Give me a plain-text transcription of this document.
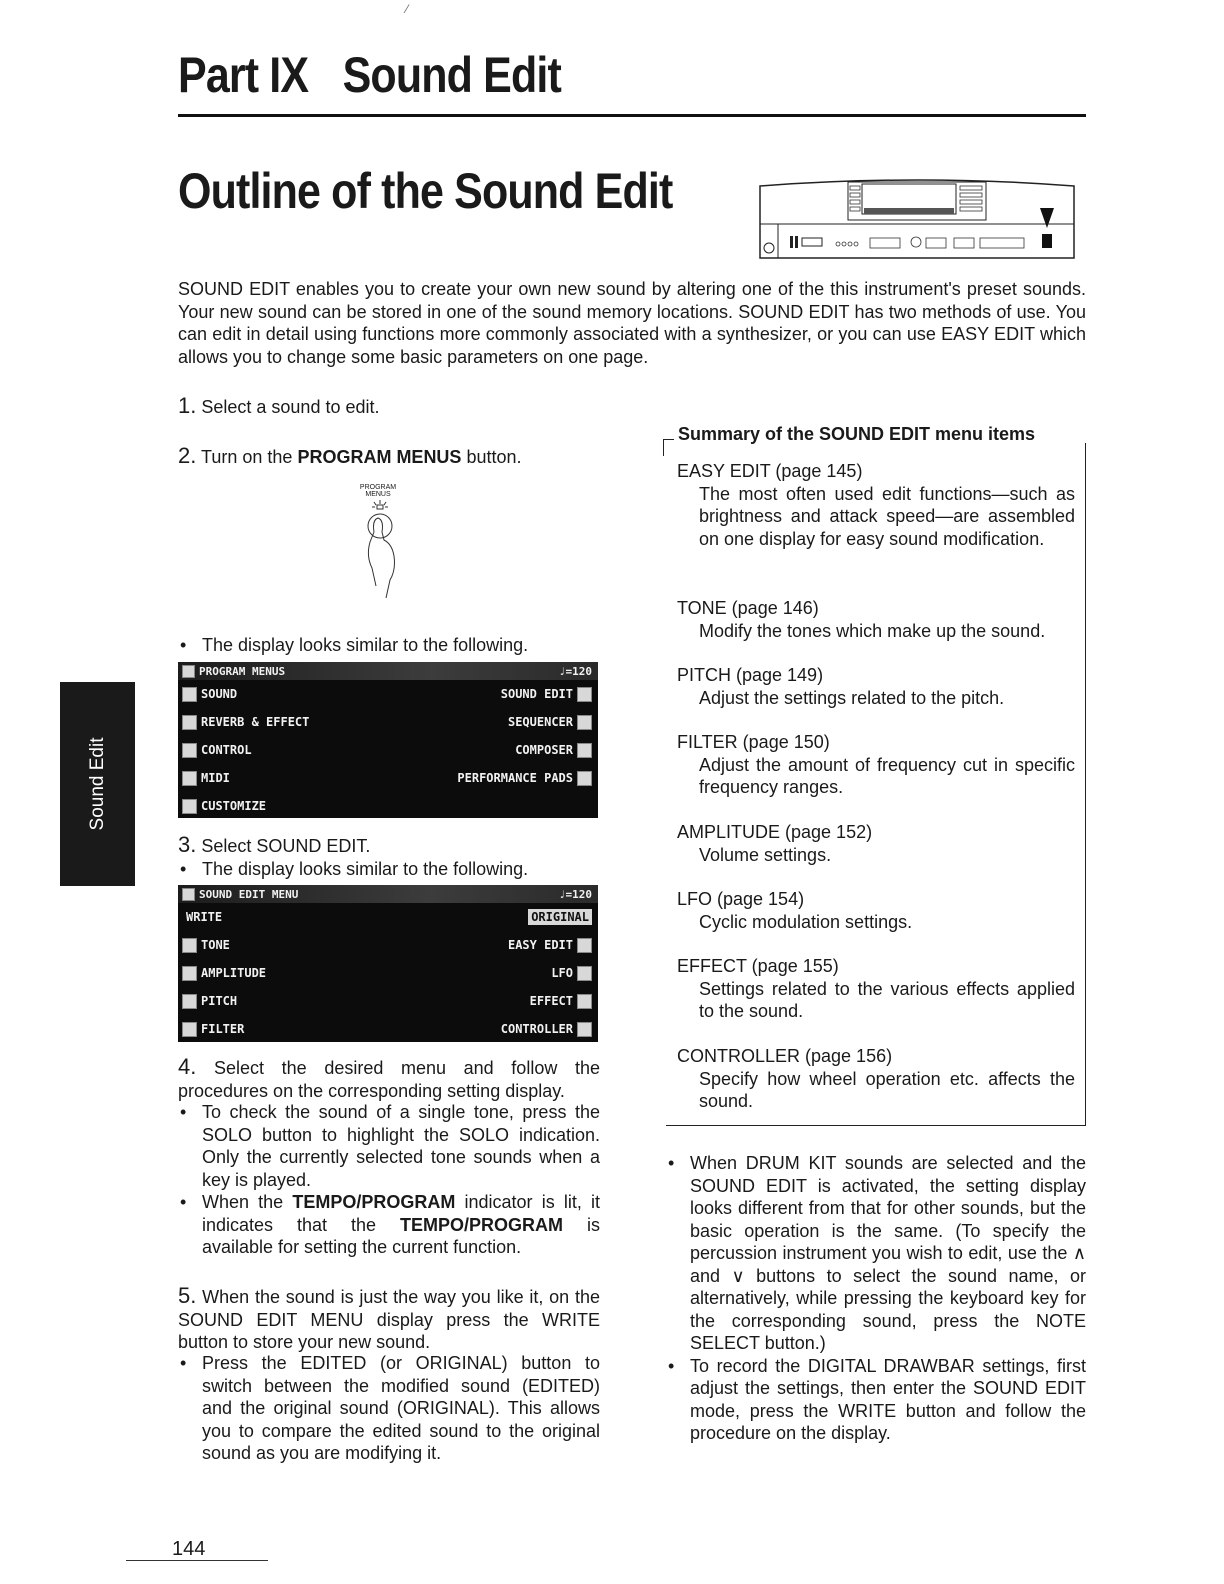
⁄
Part IX Sound Edit
Outline of the Sound Edit
SOUND EDIT enables you to create your own new sound by altering one of the this instrument's preset sounds. Your new sound can be stored in one of the sound memory locations. SOUND EDIT has two methods of use. You can edit in detail using functions more commonly associated with a synthesizer, or you can use EASY EDIT which allows you to change some basic parameters on one page.
1. Select a sound to edit.
2. Turn on the PROGRAM MENUS button.
PROGRAM
MENUS
• The display looks similar to the following.
PROGRAM MENUS	♩=120
SOUND	SOUND EDIT
REVERB & EFFECT	SEQUENCER
CONTROL	COMPOSER
MIDI	PERFORMANCE PADS
CUSTOMIZE
3. Select SOUND EDIT.
• The display looks similar to the following.
SOUND EDIT MENU	♩=120
WRITE	ORIGINAL
TONE	EASY EDIT
AMPLITUDE	LFO
PITCH	EFFECT
FILTER	CONTROLLER
4. Select the desired menu and follow the procedures on the corresponding setting display.
• To check the sound of a single tone, press the SOLO button to highlight the SOLO indication. Only the currently selected tone sounds when a key is played.
• When the TEMPO/PROGRAM indicator is lit, it indicates that the TEMPO/PROGRAM is available for setting the current function.
5. When the sound is just the way you like it, on the SOUND EDIT MENU display press the WRITE button to store your new sound.
• Press the EDITED (or ORIGINAL) button to switch between the modified sound (EDITED) and the original sound (ORIGINAL). This allows you to compare the edited sound to the original sound as you are modifying it.
Sound Edit
Summary of the SOUND EDIT menu items
EASY EDIT (page 145)
The most often used edit functions—such as brightness and attack speed—are assembled on one display for easy sound modification.
TONE (page 146)
Modify the tones which make up the sound.
PITCH (page 149)
Adjust the settings related to the pitch.
FILTER (page 150)
Adjust the amount of frequency cut in specific frequency ranges.
AMPLITUDE (page 152)
Volume settings.
LFO (page 154)
Cyclic modulation settings.
EFFECT (page 155)
Settings related to the various effects applied to the sound.
CONTROLLER (page 156)
Specify how wheel operation etc. affects the sound.
• When DRUM KIT sounds are selected and the SOUND EDIT is activated, the setting display looks different from that for other sounds, but the basic operation is the same. (To specify the percussion instrument you wish to edit, use the ∧ and ∨ buttons to select the sound name, or alternatively, while pressing the keyboard key for the corresponding sound, press the NOTE SELECT button.)
• To record the DIGITAL DRAWBAR settings, first adjust the settings, then enter the SOUND EDIT mode, press the WRITE button and follow the procedure on the display.
144
